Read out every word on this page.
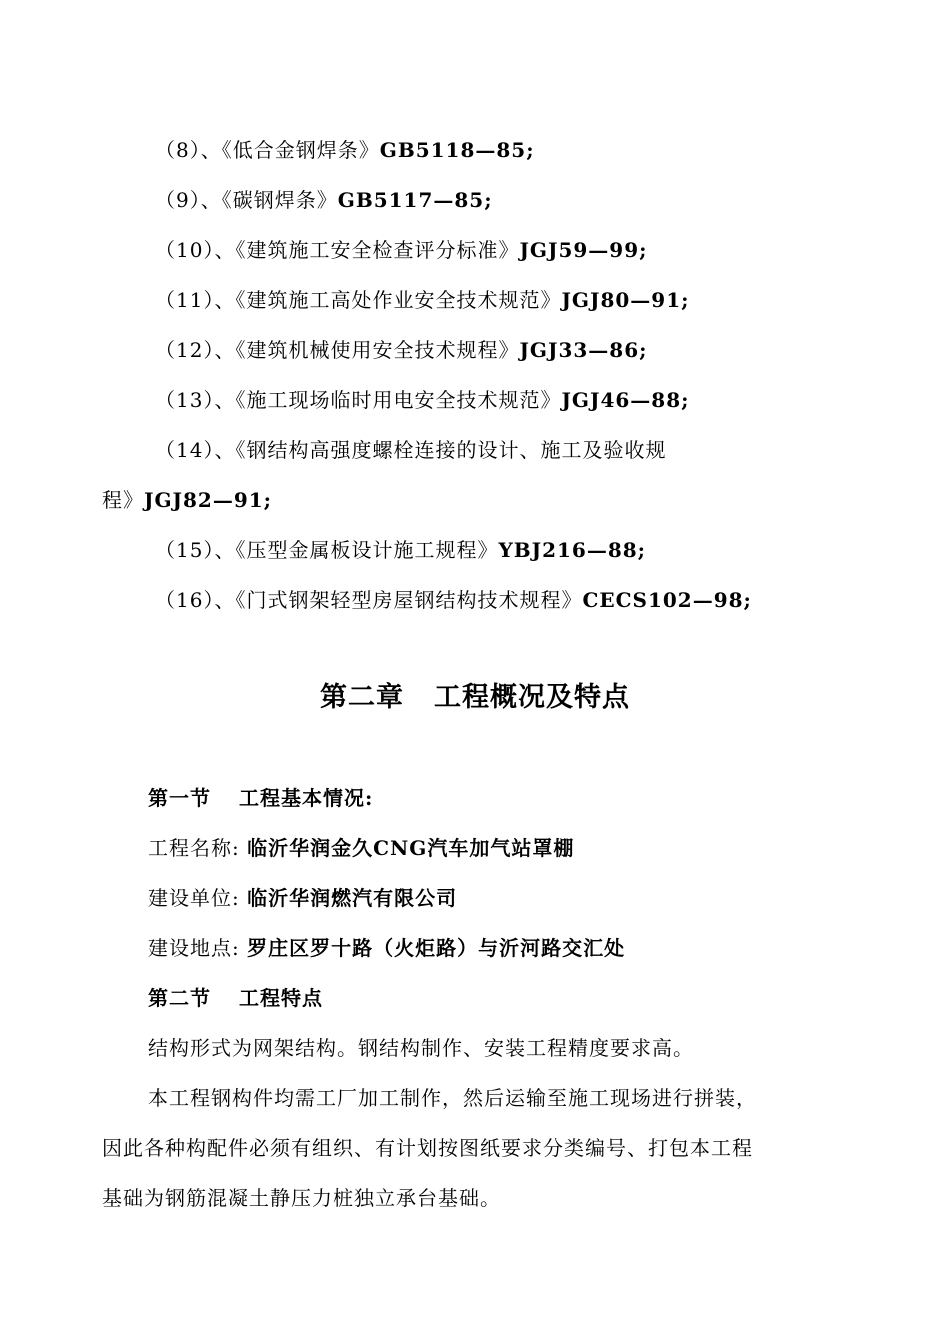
（8）、《低合金钢焊条》GB5118—85;
（9）、《碳钢焊条》GB5117—85;
（10）、《建筑施工安全检查评分标准》JGJ59—99;
（11）、《建筑施工高处作业安全技术规范》JGJ80—91;
（12）、《建筑机械使用安全技术规程》JGJ33—86;
（13）、《施工现场临时用电安全技术规范》JGJ46—88;
（14）、《钢结构高强度螺栓连接的设计、施工及验收规
程》JGJ82—91;
（15）、《压型金属板设计施工规程》YBJ216—88;
（16）、《门式钢架轻型房屋钢结构技术规程》CECS102—98;
第二章 工程概况及特点
第一节 工程基本情况:
工程名称: 临沂华润金久CNG汽车加气站罩棚
建设单位: 临沂华润燃汽有限公司
建设地点: 罗庄区罗十路（火炬路）与沂河路交汇处
第二节 工程特点
结构形式为网架结构。钢结构制作、安装工程精度要求高。
本工程钢构件均需工厂加工制作，然后运输至施工现场进行拼装，
因此各种构配件必须有组织、有计划按图纸要求分类编号、打包本工程
基础为钢筋混凝土静压力桩独立承台基础。
